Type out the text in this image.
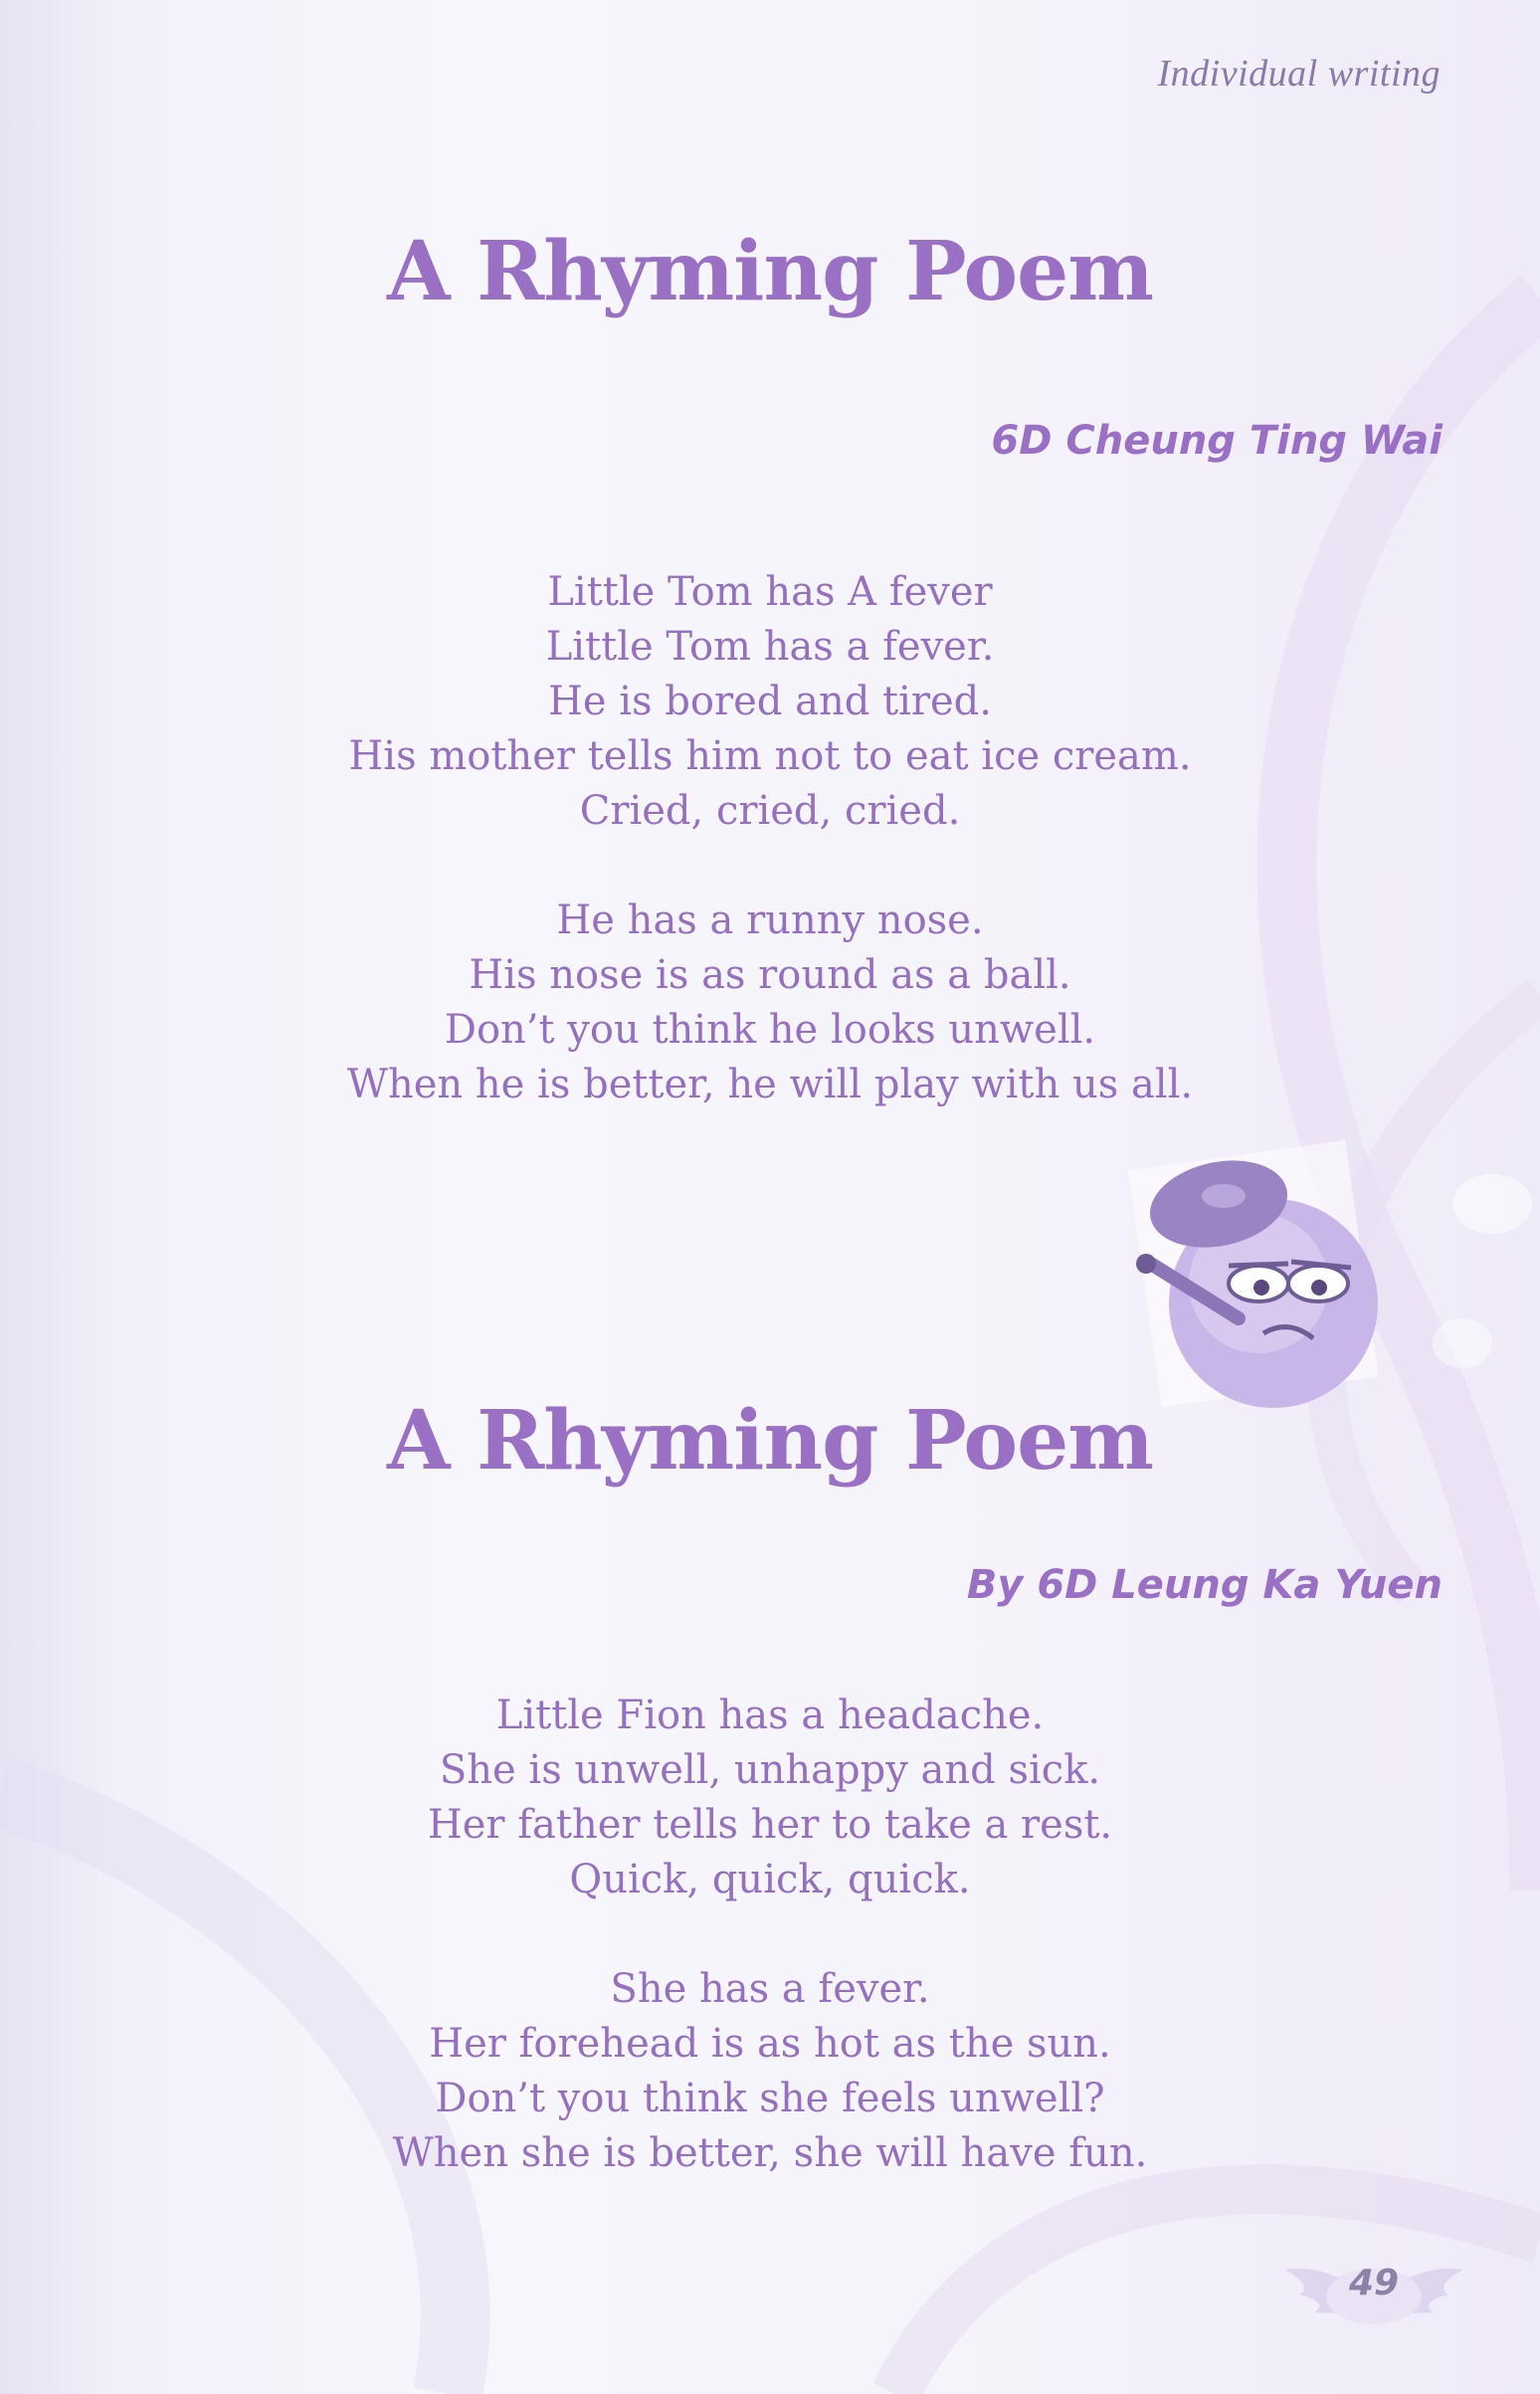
Individual writing
A Rhyming Poem
6D Cheung Ting Wai
Little Tom has A fever
Little Tom has a fever.
He is bored and tired.
His mother tells him not to eat ice cream.
Cried, cried, cried.
He has a runny nose.
His nose is as round as a ball.
Don’t you think he looks unwell.
When he is better, he will play with us all.
A Rhyming Poem
By 6D Leung Ka Yuen
Little Fion has a headache.
She is unwell, unhappy and sick.
Her father tells her to take a rest.
Quick, quick, quick.
She has a fever.
Her forehead is as hot as the sun.
Don’t you think she feels unwell?
When she is better, she will have fun.
49
